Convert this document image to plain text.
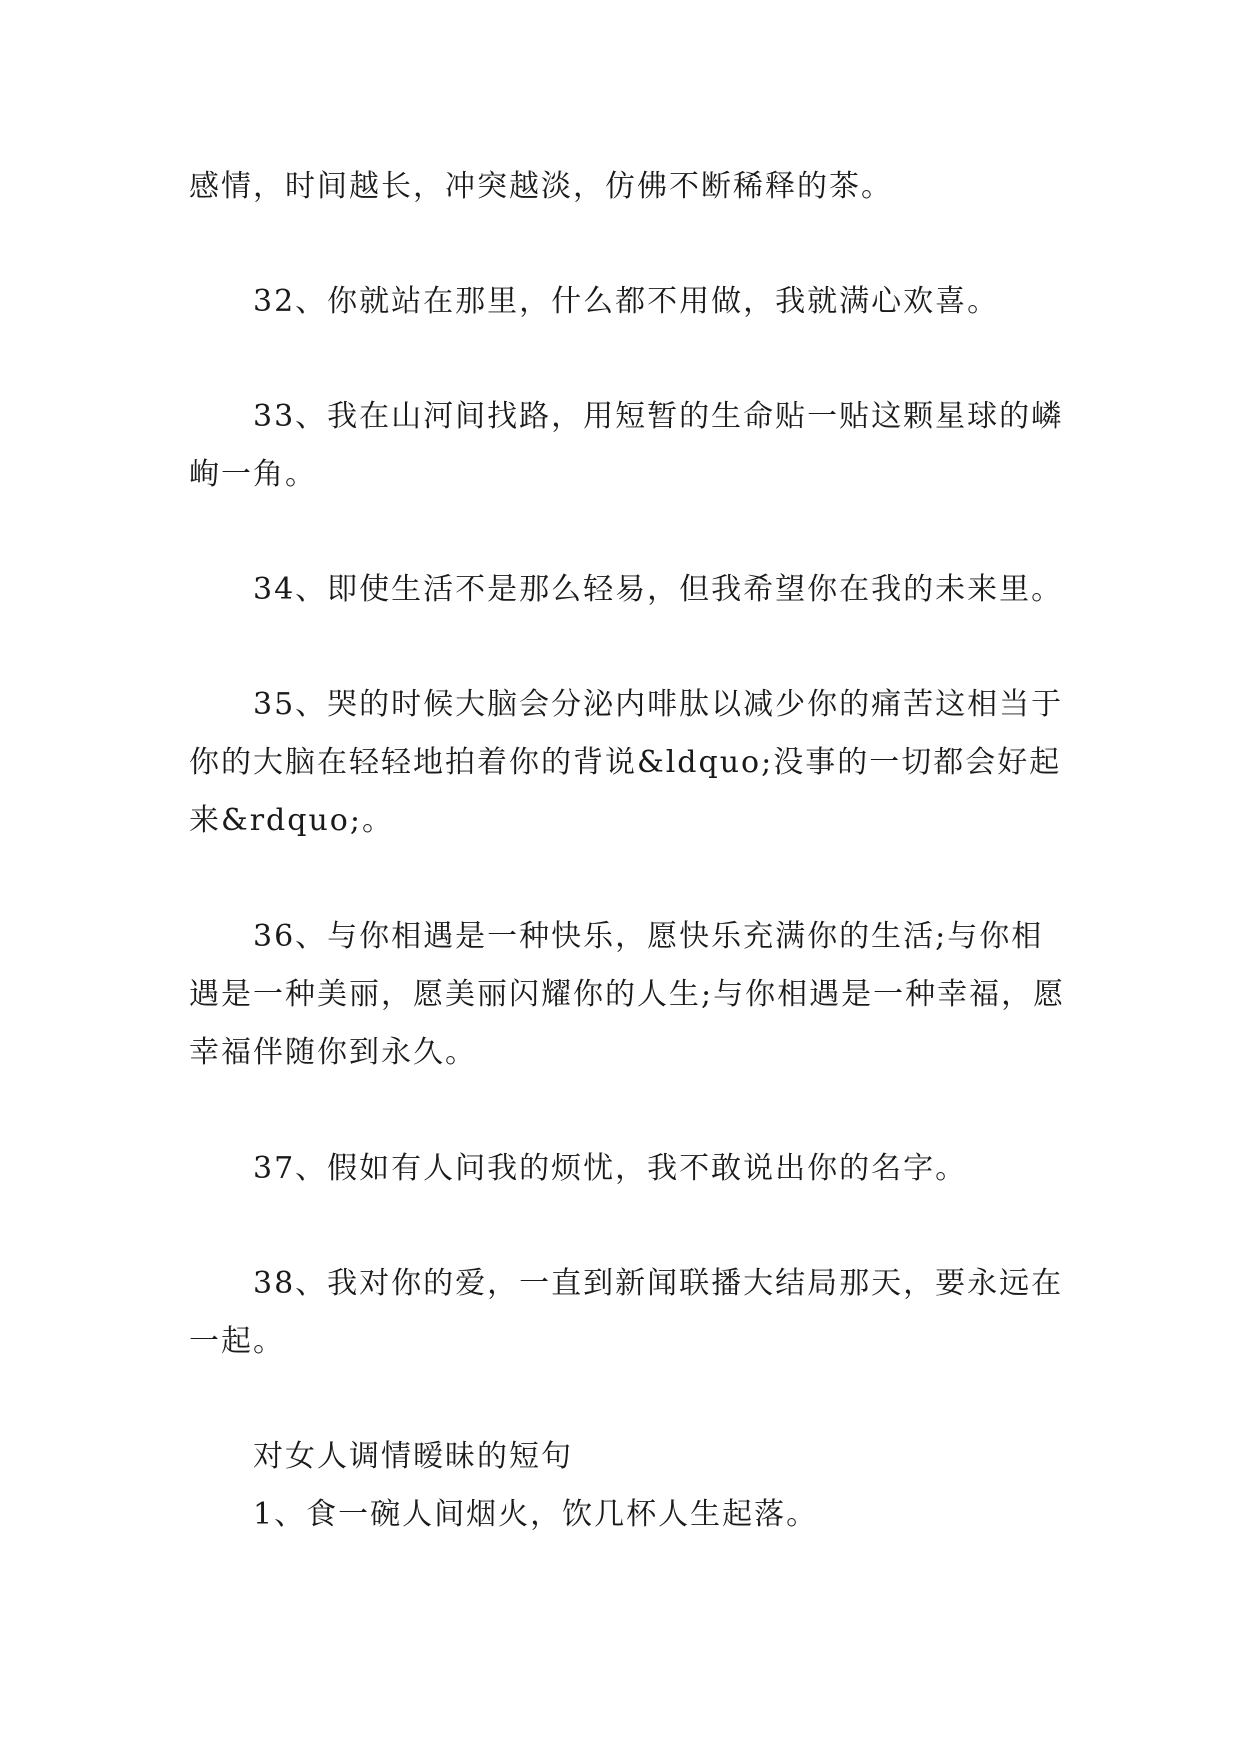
感情，时间越长，冲突越淡，仿佛不断稀释的茶。

32、你就站在那里，什么都不用做，我就满心欢喜。

33、我在山河间找路，用短暂的生命贴一贴这颗星球的嶙峋一角。

34、即使生活不是那么轻易，但我希望你在我的未来里。

35、哭的时候大脑会分泌内啡肽以减少你的痛苦这相当于你的大脑在轻轻地拍着你的背说&ldquo;没事的一切都会好起来&rdquo;。

36、与你相遇是一种快乐，愿快乐充满你的生活;与你相遇是一种美丽，愿美丽闪耀你的人生;与你相遇是一种幸福，愿幸福伴随你到永久。

37、假如有人问我的烦忧，我不敢说出你的名字。

38、我对你的爱，一直到新闻联播大结局那天，要永远在一起。

对女人调情暧昧的短句

1、食一碗人间烟火，饮几杯人生起落。
